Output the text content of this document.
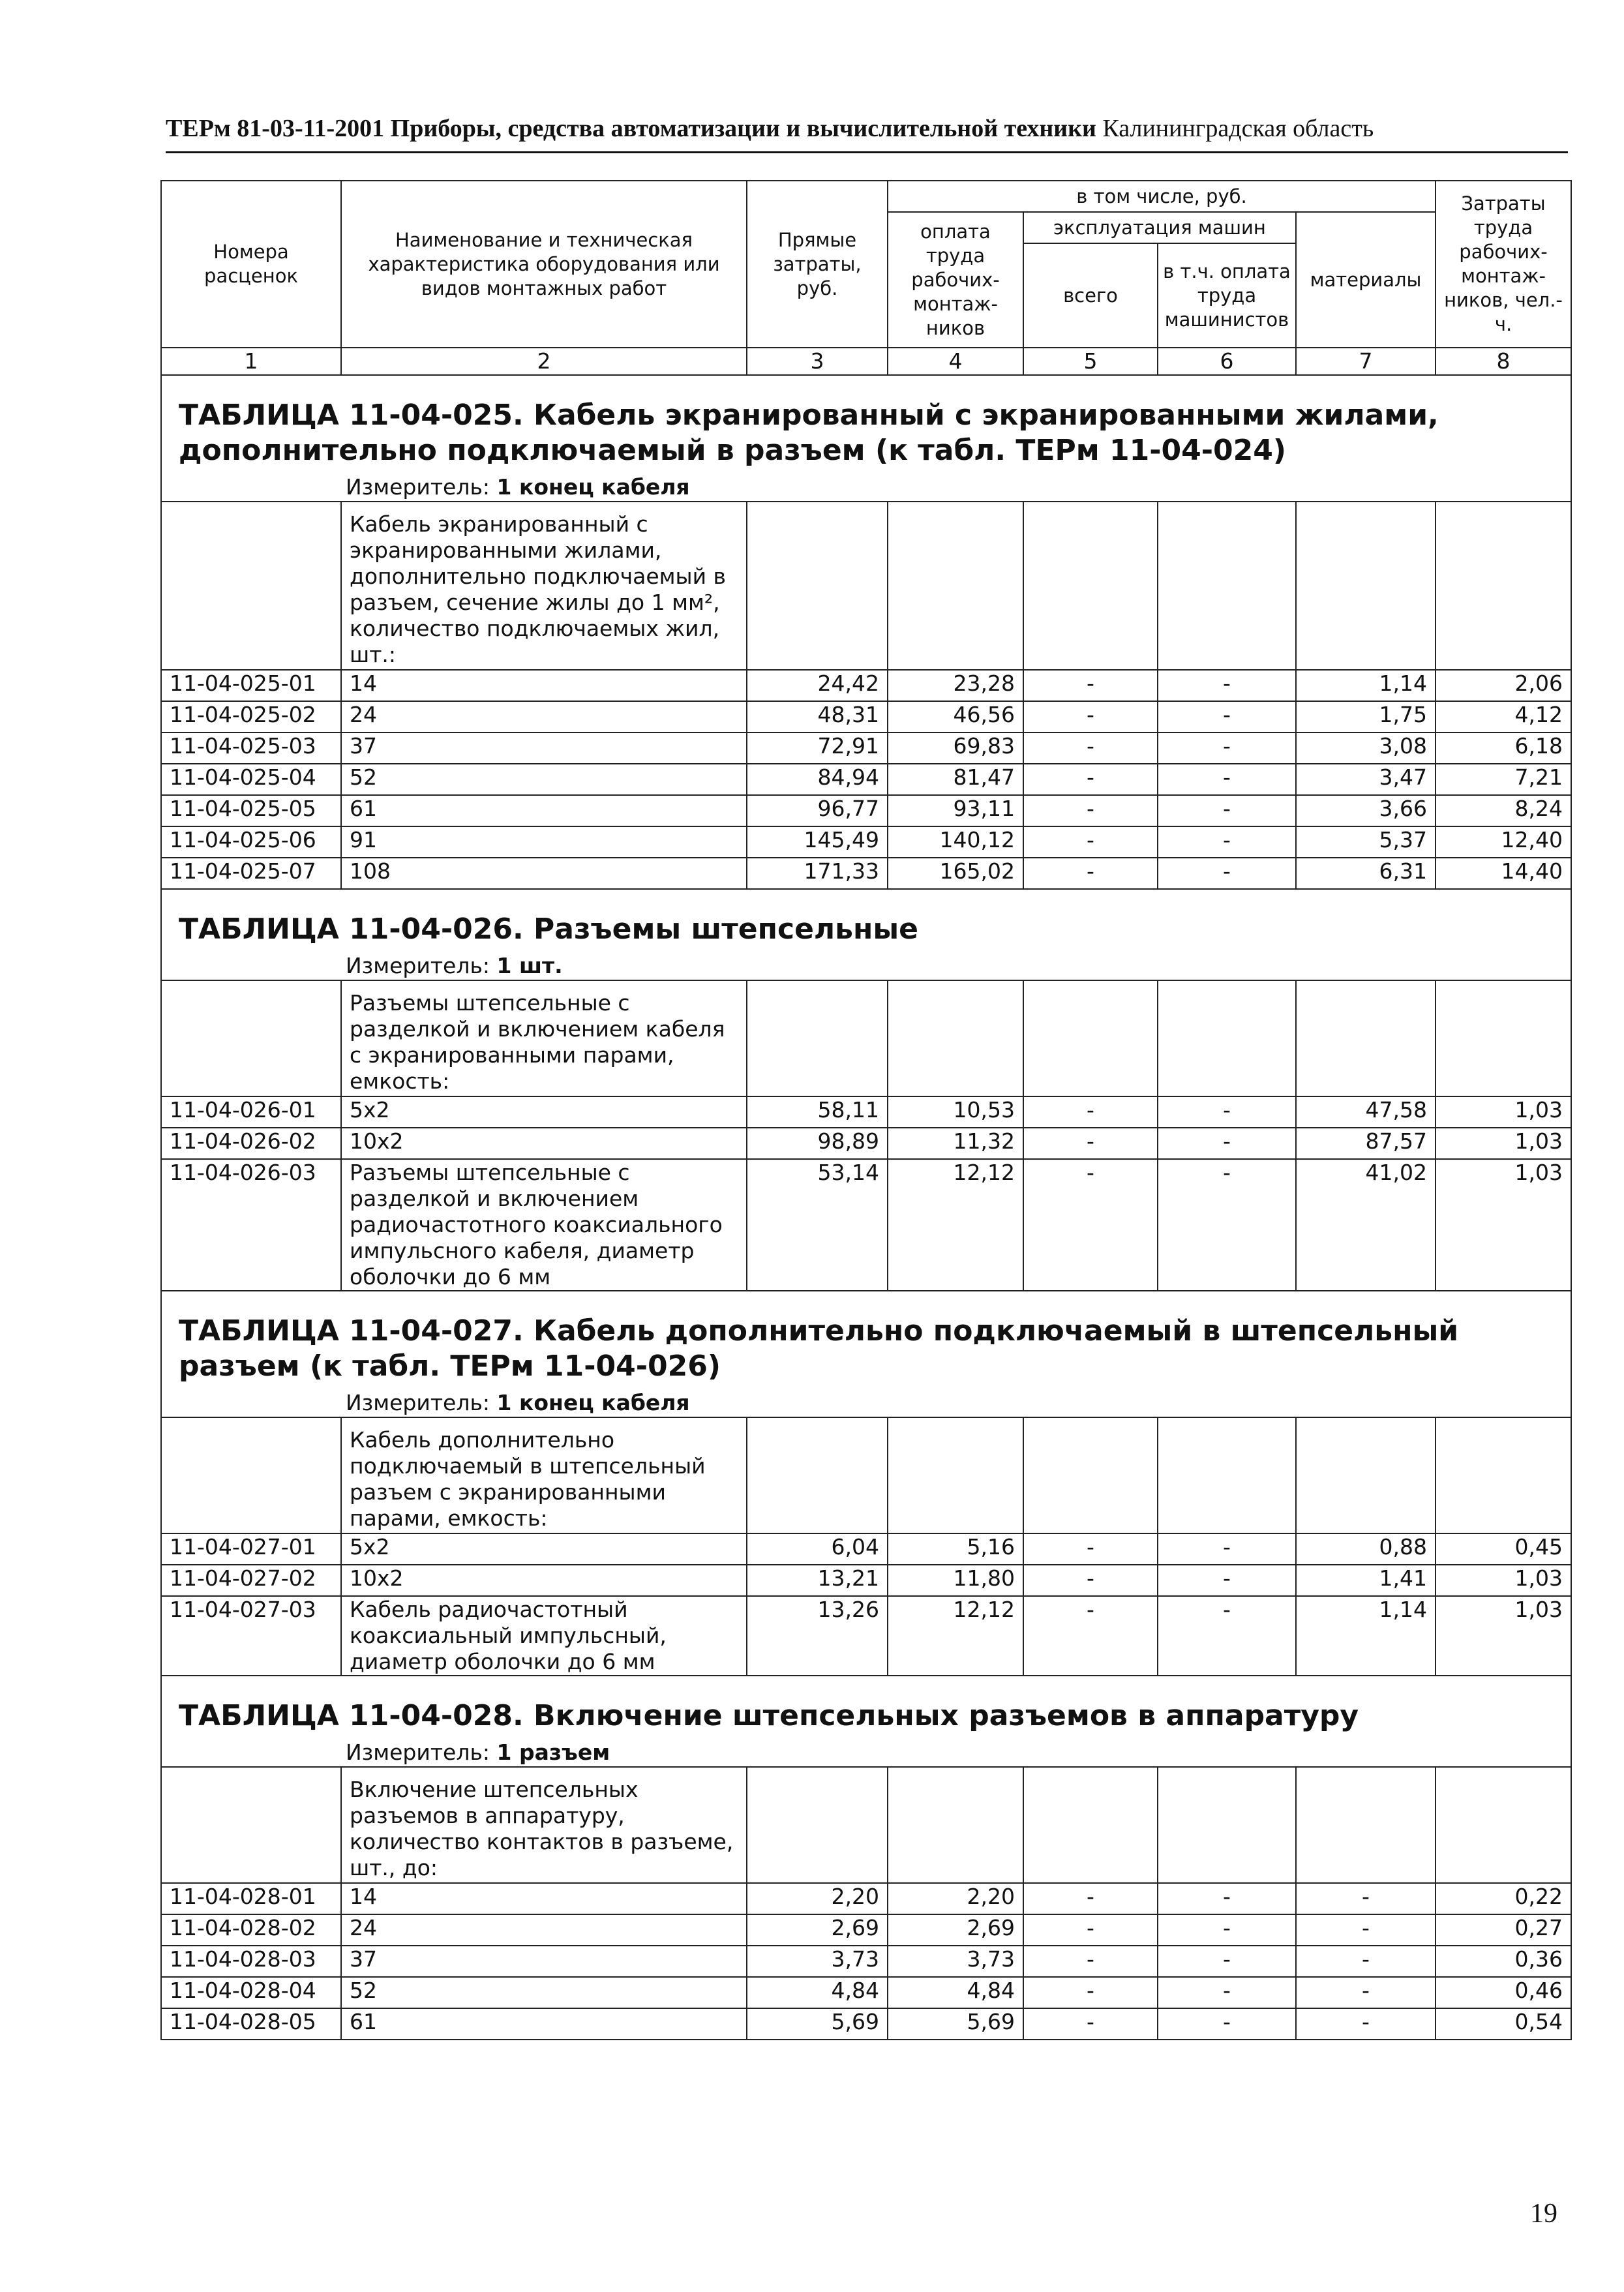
ТЕРм 81-03-11-2001 Приборы, средства автоматизации и вычислительной техники Калининградская область
Номера расценок	Наименование и техническая характеристика оборудования или видов монтажных работ	Прямые затраты, руб.	в том числе, руб.				Затраты труда рабочих-монтаж-ников, чел.-ч.
			оплата труда рабочих-монтаж-ников	эксплуатация машин		материалы	
				всего	в т.ч. оплата труда машинистов		
1	2	3	4	5	6	7	8
ТАБЛИЦА 11-04-025. Кабель экранированный с экранированными жилами, дополнительно подключаемый в разъем (к табл. ТЕРм 11-04-024)							
Измеритель: 1 конец кабеля							
	Кабель экранированный с экранированными жилами, дополнительно подключаемый в разъем, сечение жилы до 1 мм², количество подключаемых жил, шт.:						
11-04-025-01	14	24,42	23,28	-	-	1,14	2,06
11-04-025-02	24	48,31	46,56	-	-	1,75	4,12
11-04-025-03	37	72,91	69,83	-	-	3,08	6,18
11-04-025-04	52	84,94	81,47	-	-	3,47	7,21
11-04-025-05	61	96,77	93,11	-	-	3,66	8,24
11-04-025-06	91	145,49	140,12	-	-	5,37	12,40
11-04-025-07	108	171,33	165,02	-	-	6,31	14,40
ТАБЛИЦА 11-04-026. Разъемы штепсельные							
Измеритель: 1 шт.							
	Разъемы штепсельные с разделкой и включением кабеля с экранированными парами, емкость:						
11-04-026-01	5x2	58,11	10,53	-	-	47,58	1,03
11-04-026-02	10x2	98,89	11,32	-	-	87,57	1,03
11-04-026-03	Разъемы штепсельные с разделкой и включением радиочастотного коаксиального импульсного кабеля, диаметр оболочки до 6 мм	53,14	12,12	-	-	41,02	1,03
ТАБЛИЦА 11-04-027. Кабель дополнительно подключаемый в штепсельный разъем (к табл. ТЕРм 11-04-026)							
Измеритель: 1 конец кабеля							
	Кабель дополнительно подключаемый в штепсельный разъем с экранированными парами, емкость:						
11-04-027-01	5x2	6,04	5,16	-	-	0,88	0,45
11-04-027-02	10x2	13,21	11,80	-	-	1,41	1,03
11-04-027-03	Кабель радиочастотный коаксиальный импульсный, диаметр оболочки до 6 мм	13,26	12,12	-	-	1,14	1,03
ТАБЛИЦА 11-04-028. Включение штепсельных разъемов в аппаратуру							
Измеритель: 1 разъем							
	Включение штепсельных разъемов в аппаратуру, количество контактов в разъеме, шт., до:						
11-04-028-01	14	2,20	2,20	-	-	-	0,22
11-04-028-02	24	2,69	2,69	-	-	-	0,27
11-04-028-03	37	3,73	3,73	-	-	-	0,36
11-04-028-04	52	4,84	4,84	-	-	-	0,46
11-04-028-05	61	5,69	5,69	-	-	-	0,54
19
